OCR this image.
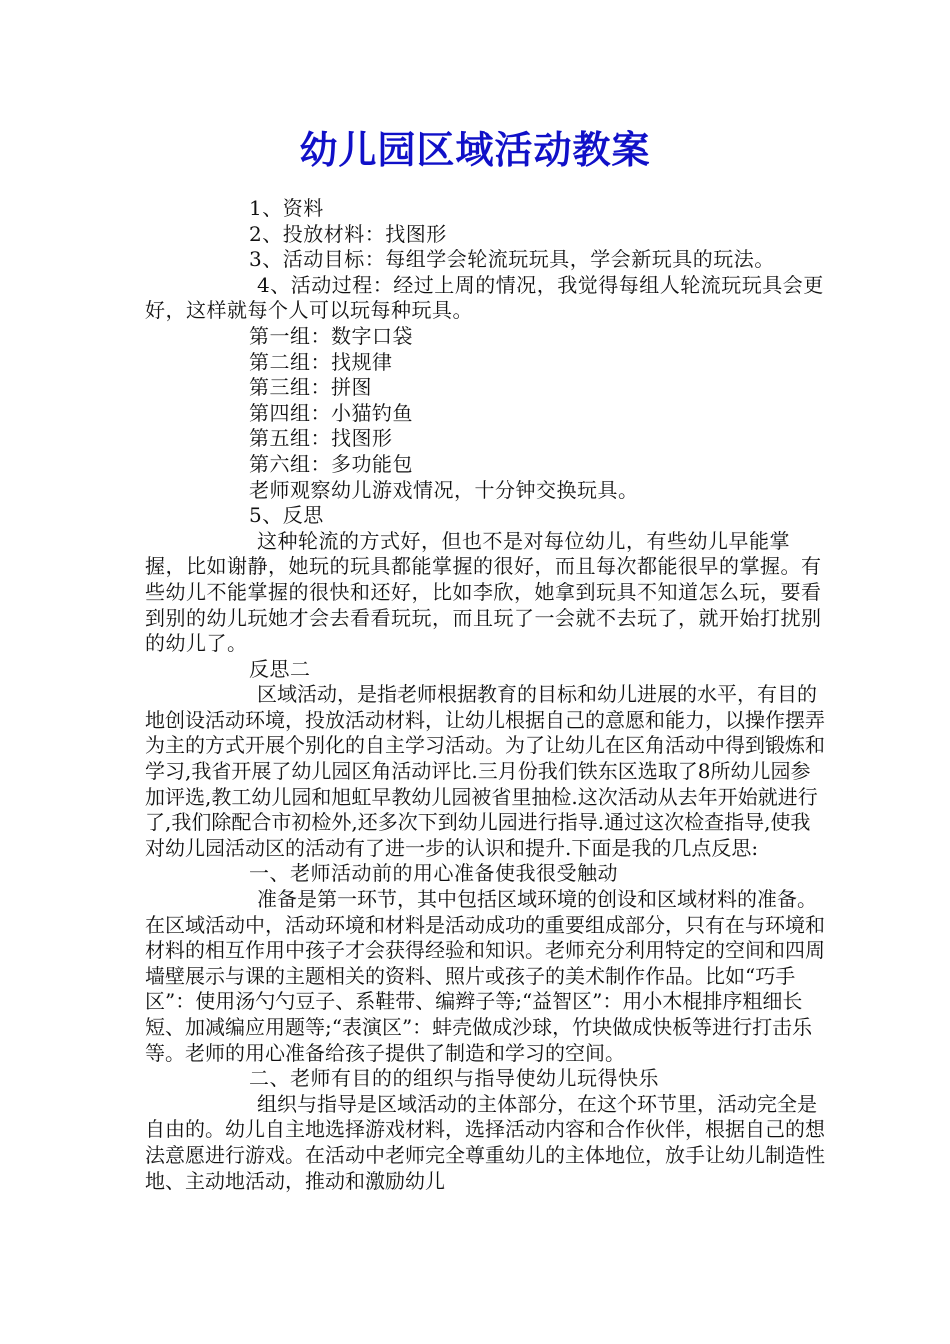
幼儿园区域活动教案
1、资料
2、投放材料：找图形
3、活动目标：每组学会轮流玩玩具，学会新玩具的玩法。
4、活动过程：经过上周的情况，我觉得每组人轮流玩玩具会更好，这样就每个人可以玩每种玩具。
第一组：数字口袋
第二组：找规律
第三组：拼图
第四组：小猫钓鱼
第五组：找图形
第六组：多功能包
老师观察幼儿游戏情况，十分钟交换玩具。
5、反思
这种轮流的方式好，但也不是对每位幼儿，有些幼儿早能掌握，比如谢静，她玩的玩具都能掌握的很好，而且每次都能很早的掌握。有些幼儿不能掌握的很快和还好，比如李欣，她拿到玩具不知道怎么玩，要看到别的幼儿玩她才会去看看玩玩，而且玩了一会就不去玩了，就开始打扰别的幼儿了。
反思二
区域活动，是指老师根据教育的目标和幼儿进展的水平，有目的地创设活动环境，投放活动材料，让幼儿根据自己的意愿和能力，以操作摆弄为主的方式开展个别化的自主学习活动。为了让幼儿在区角活动中得到锻炼和学习,我省开展了幼儿园区角活动评比.三月份我们铁东区选取了8所幼儿园参加评选,教工幼儿园和旭虹早教幼儿园被省里抽检.这次活动从去年开始就进行了,我们除配合市初检外,还多次下到幼儿园进行指导.通过这次检查指导,使我对幼儿园活动区的活动有了进一步的认识和提升.下面是我的几点反思:
一、老师活动前的用心准备使我很受触动
准备是第一环节，其中包括区域环境的创设和区域材料的准备。在区域活动中，活动环境和材料是活动成功的重要组成部分，只有在与环境和材料的相互作用中孩子才会获得经验和知识。老师充分利用特定的空间和四周墙壁展示与课的主题相关的资料、照片或孩子的美术制作作品。比如“巧手区”：使用汤勺勺豆子、系鞋带、编辫子等;“益智区”：用小木棍排序粗细长短、加减编应用题等;“表演区”：蚌壳做成沙球，竹块做成快板等进行打击乐等。老师的用心准备给孩子提供了制造和学习的空间。
二、老师有目的的组织与指导使幼儿玩得快乐
组织与指导是区域活动的主体部分，在这个环节里，活动完全是自由的。幼儿自主地选择游戏材料，选择活动内容和合作伙伴，根据自己的想法意愿进行游戏。在活动中老师完全尊重幼儿的主体地位，放手让幼儿制造性地、主动地活动，推动和激励幼儿
